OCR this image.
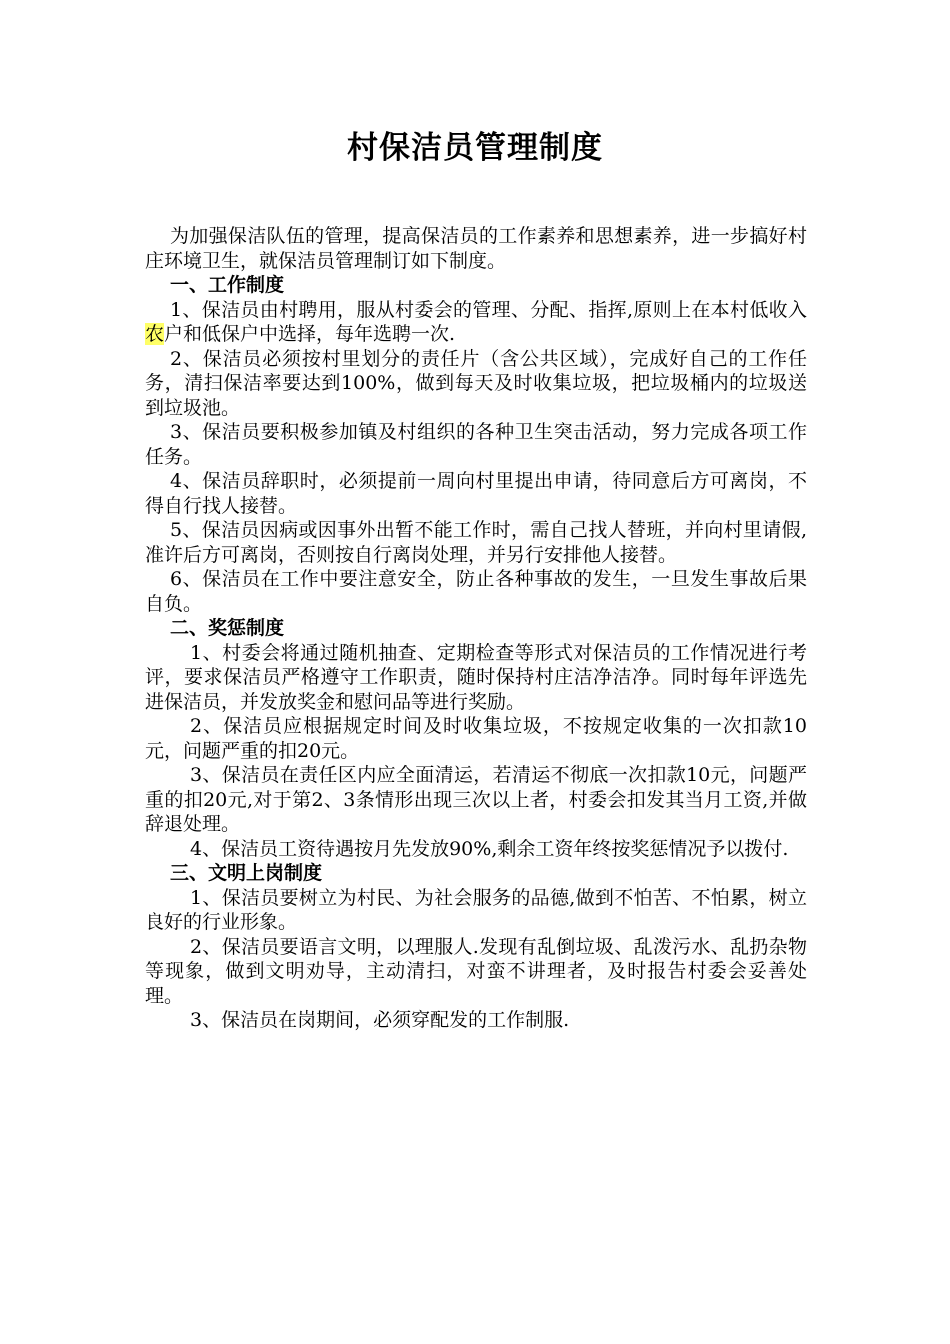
村保洁员管理制度

为加强保洁队伍的管理，提高保洁员的工作素养和思想素养，进一步搞好村庄环境卫生，就保洁员管理制订如下制度。

一、工作制度

1、保洁员由村聘用，服从村委会的管理、分配、指挥,原则上在本村低收入农户和低保户中选择，每年选聘一次.

2、保洁员必须按村里划分的责任片（含公共区域），完成好自己的工作任务，清扫保洁率要达到100%，做到每天及时收集垃圾，把垃圾桶内的垃圾送到垃圾池。

3、保洁员要积极参加镇及村组织的各种卫生突击活动，努力完成各项工作任务。

4、保洁员辞职时，必须提前一周向村里提出申请，待同意后方可离岗，不得自行找人接替。

5、保洁员因病或因事外出暂不能工作时，需自己找人替班，并向村里请假,准许后方可离岗，否则按自行离岗处理，并另行安排他人接替。

6、保洁员在工作中要注意安全，防止各种事故的发生，一旦发生事故后果自负。

二、奖惩制度

1、村委会将通过随机抽查、定期检查等形式对保洁员的工作情况进行考评，要求保洁员严格遵守工作职责，随时保持村庄洁净洁净。同时每年评选先进保洁员，并发放奖金和慰问品等进行奖励。

2、保洁员应根据规定时间及时收集垃圾，不按规定收集的一次扣款10元，问题严重的扣20元。

3、保洁员在责任区内应全面清运，若清运不彻底一次扣款10元，问题严重的扣20元,对于第2、3条情形出现三次以上者，村委会扣发其当月工资,并做辞退处理。

4、保洁员工资待遇按月先发放90%,剩余工资年终按奖惩情况予以拨付.

三、文明上岗制度

1、保洁员要树立为村民、为社会服务的品德,做到不怕苦、不怕累，树立良好的行业形象。

2、保洁员要语言文明，以理服人.发现有乱倒垃圾、乱泼污水、乱扔杂物等现象，做到文明劝导，主动清扫，对蛮不讲理者，及时报告村委会妥善处理。

3、保洁员在岗期间，必须穿配发的工作制服.
